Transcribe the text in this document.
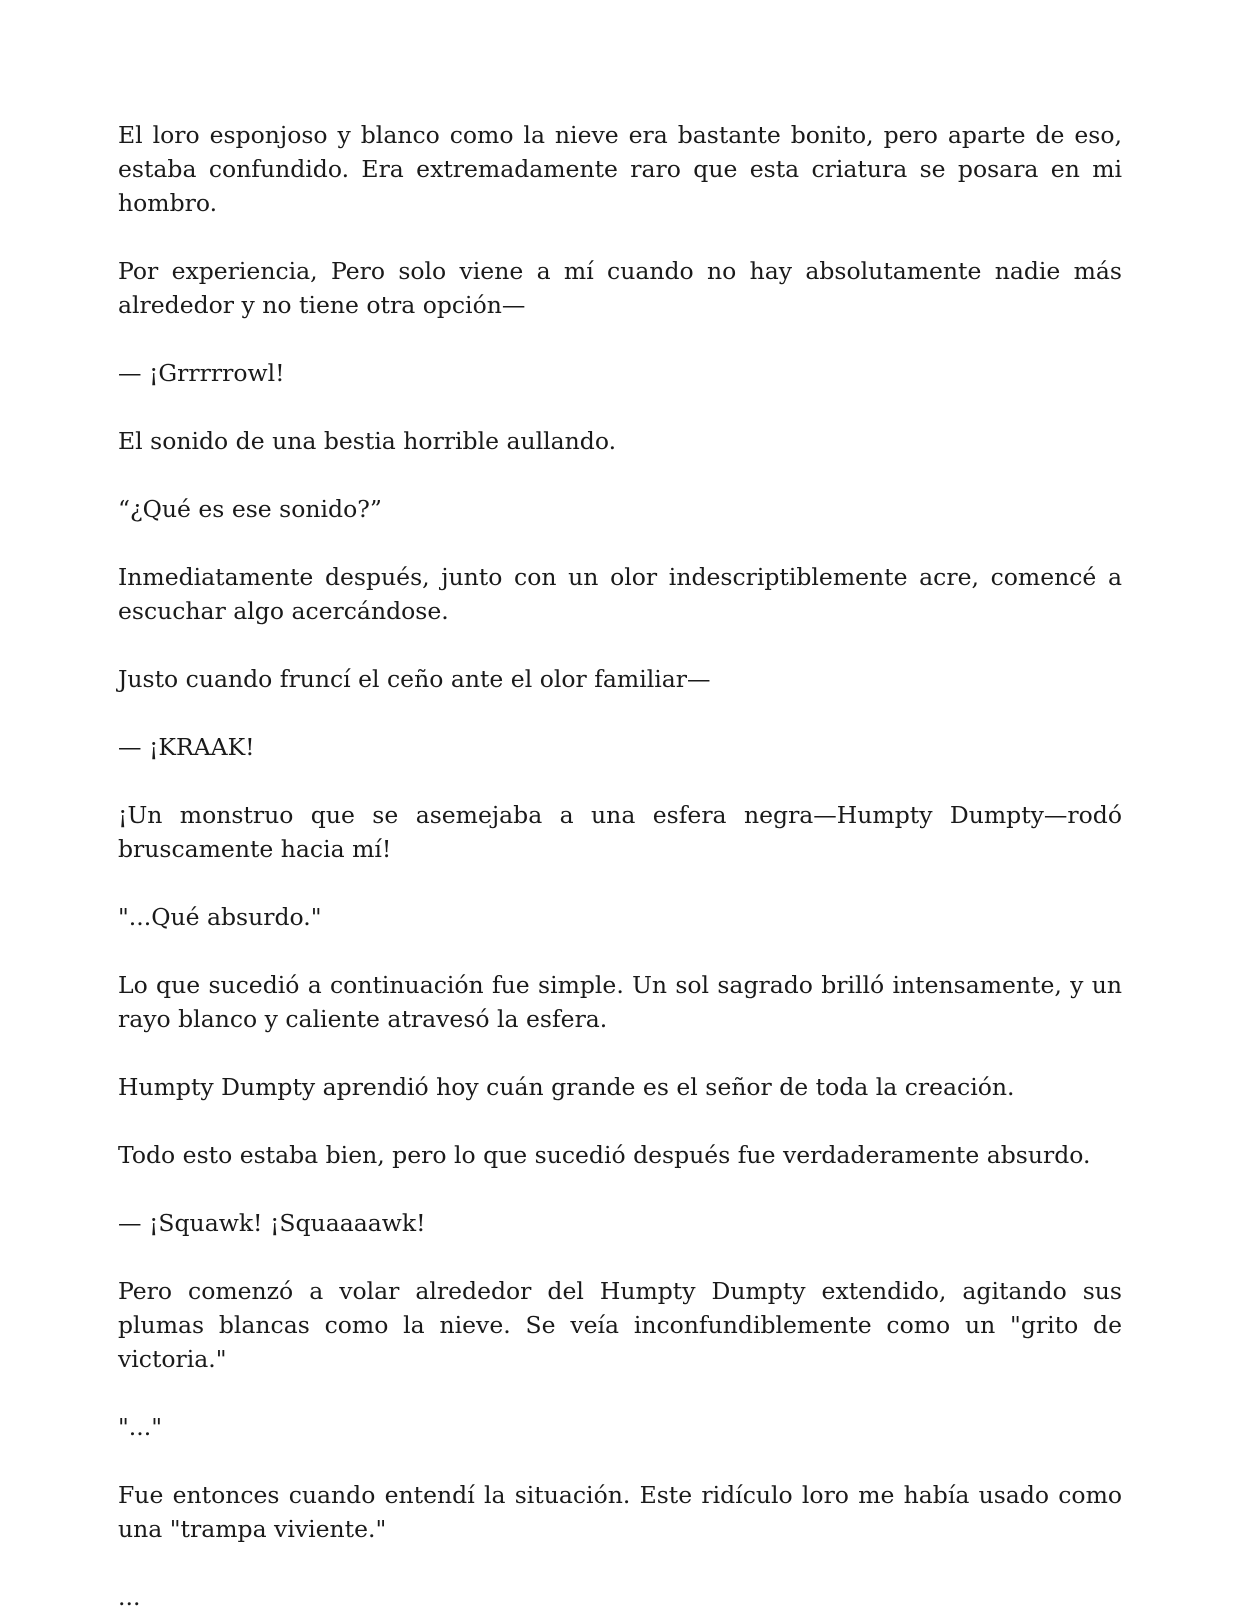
El loro esponjoso y blanco como la nieve era bastante bonito, pero aparte de eso, estaba confundido. Era extremadamente raro que esta criatura se posara en mi hombro.

Por experiencia, Pero solo viene a mí cuando no hay absolutamente nadie más alrededor y no tiene otra opción—

— ¡Grrrrrowl!

El sonido de una bestia horrible aullando.

“¿Qué es ese sonido?”

Inmediatamente después, junto con un olor indescriptiblemente acre, comencé a escuchar algo acercándose.

Justo cuando fruncí el ceño ante el olor familiar—

— ¡KRAAK!

¡Un monstruo que se asemejaba a una esfera negra—Humpty Dumpty—rodó bruscamente hacia mí!

"...Qué absurdo."

Lo que sucedió a continuación fue simple. Un sol sagrado brilló intensamente, y un rayo blanco y caliente atravesó la esfera.

Humpty Dumpty aprendió hoy cuán grande es el señor de toda la creación.

Todo esto estaba bien, pero lo que sucedió después fue verdaderamente absurdo.

— ¡Squawk! ¡Squaaaawk!

Pero comenzó a volar alrededor del Humpty Dumpty extendido, agitando sus plumas blancas como la nieve. Se veía inconfundiblemente como un "grito de victoria."

"..."

Fue entonces cuando entendí la situación. Este ridículo loro me había usado como una "trampa viviente."

...
